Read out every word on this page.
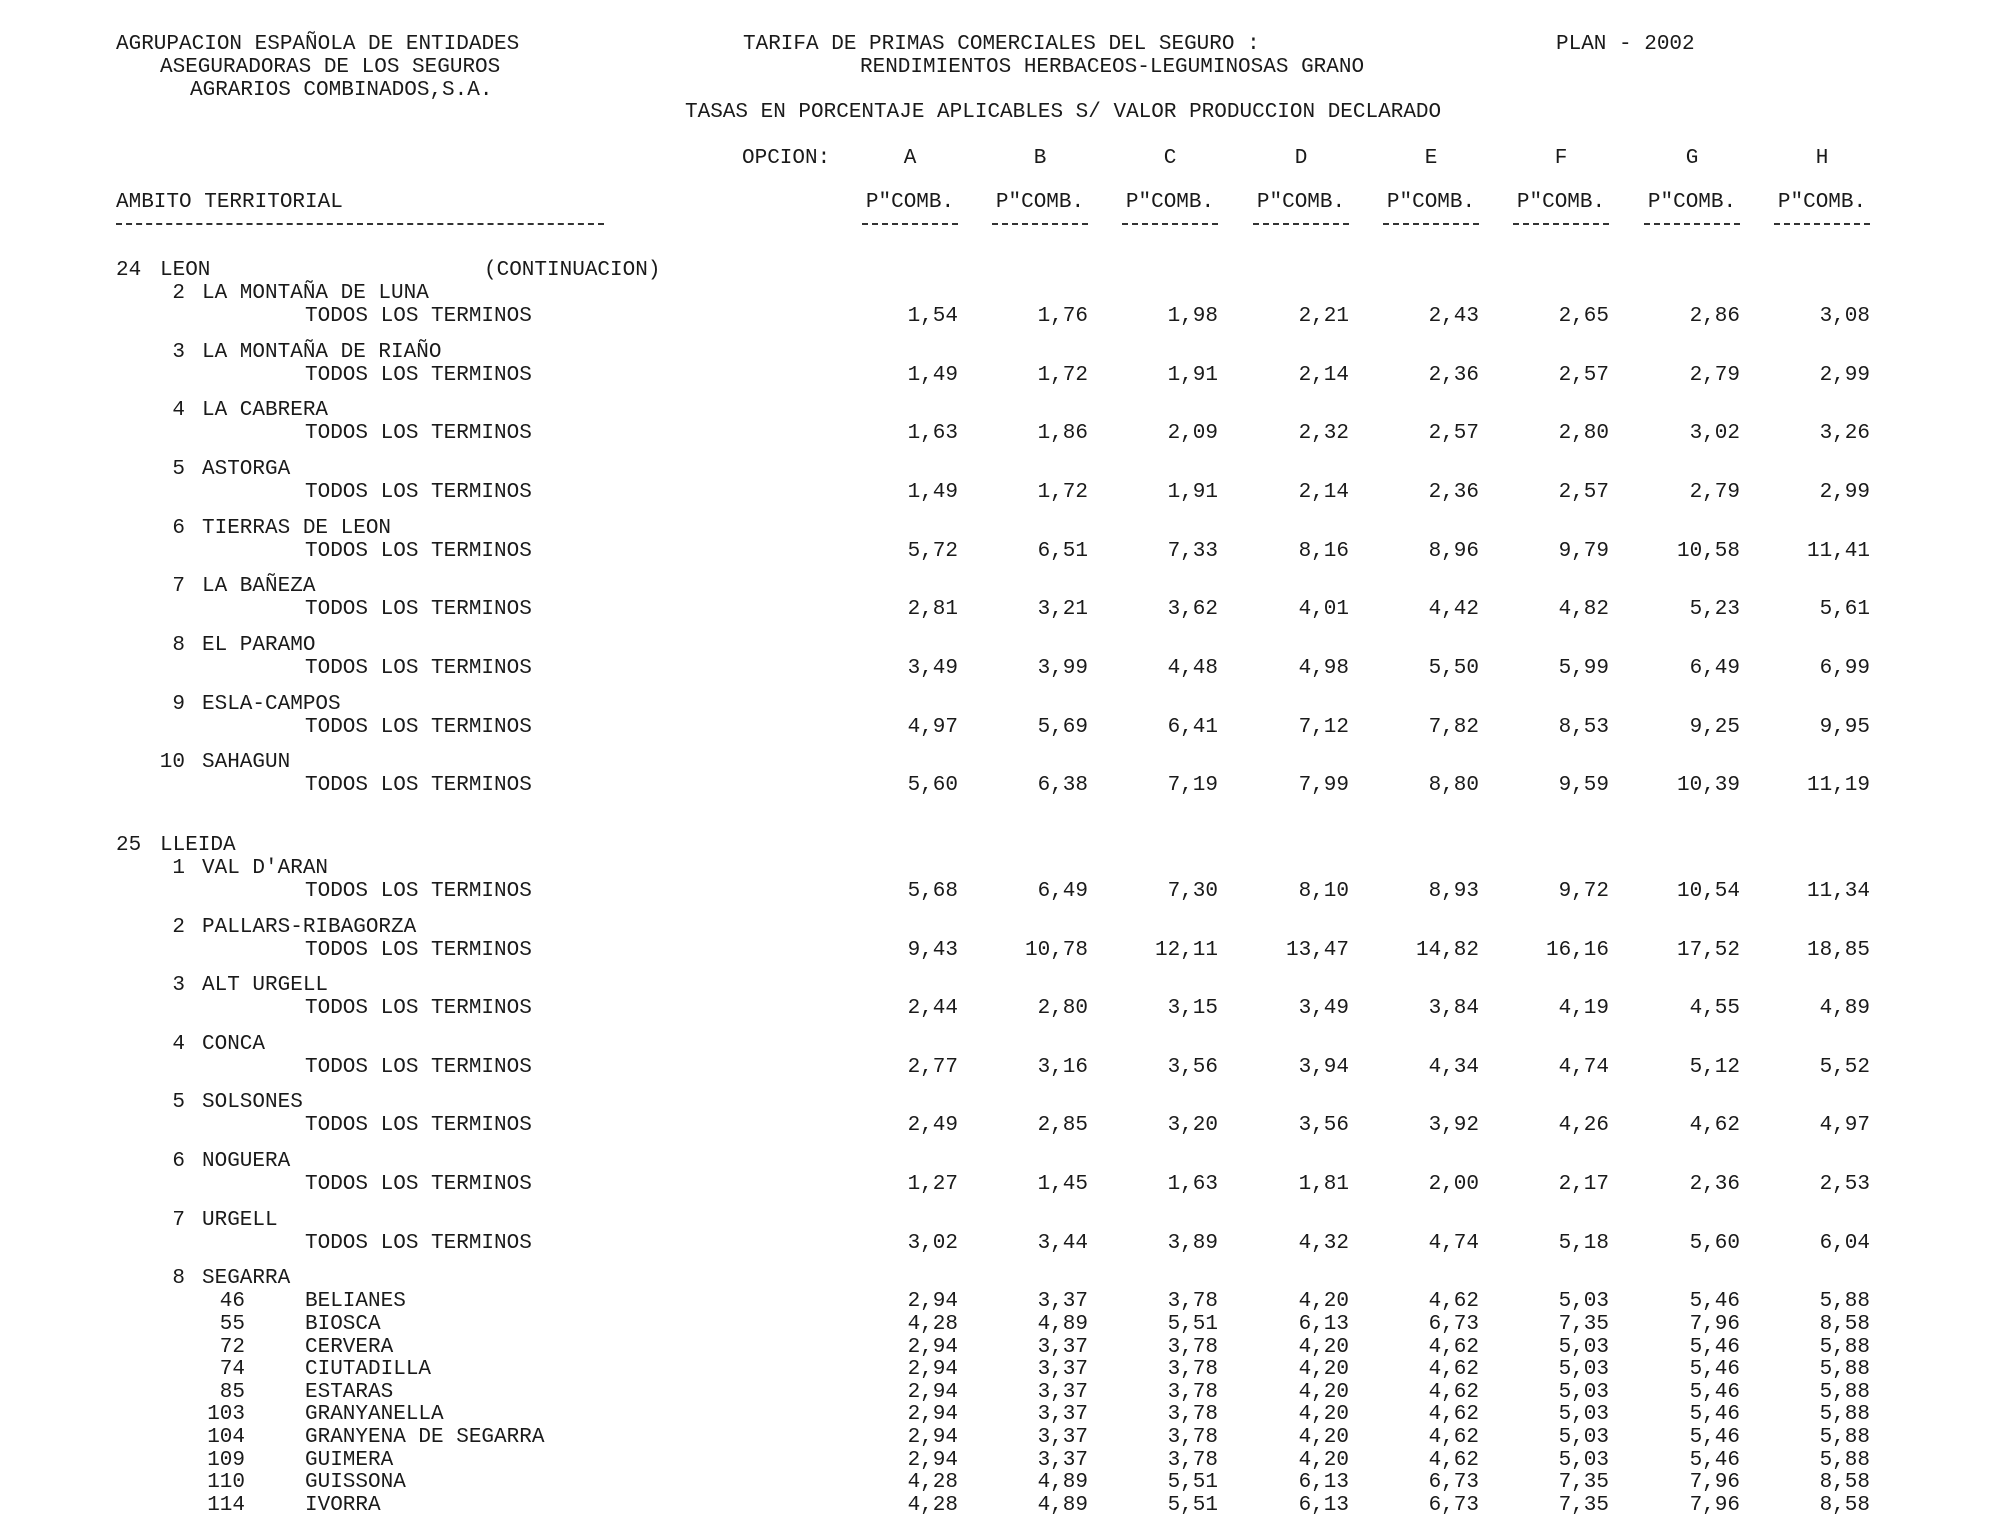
AGRUPACION ESPAÑOLA DE ENTIDADES
ASEGURADORAS DE LOS SEGUROS
AGRARIOS COMBINADOS,S.A.
TARIFA DE PRIMAS COMERCIALES DEL SEGURO :
RENDIMIENTOS HERBACEOS-LEGUMINOSAS GRANO
PLAN - 2002
TASAS EN PORCENTAJE APLICABLES S/ VALOR PRODUCCION DECLARADO
OPCION:	A	B	C	D	E	F	G	H
AMBITO TERRITORIAL	P"COMB.	P"COMB.	P"COMB.	P"COMB.	P"COMB.	P"COMB.	P"COMB.	P"COMB.
24 LEON	(CONTINUACION)
2 LA MONTAÑA DE LUNA
TODOS LOS TERMINOS	1,54	1,76	1,98	2,21	2,43	2,65	2,86	3,08
3 LA MONTAÑA DE RIAÑO
TODOS LOS TERMINOS	1,49	1,72	1,91	2,14	2,36	2,57	2,79	2,99
4 LA CABRERA
TODOS LOS TERMINOS	1,63	1,86	2,09	2,32	2,57	2,80	3,02	3,26
5 ASTORGA
TODOS LOS TERMINOS	1,49	1,72	1,91	2,14	2,36	2,57	2,79	2,99
6 TIERRAS DE LEON
TODOS LOS TERMINOS	5,72	6,51	7,33	8,16	8,96	9,79	10,58	11,41
7 LA BAÑEZA
TODOS LOS TERMINOS	2,81	3,21	3,62	4,01	4,42	4,82	5,23	5,61
8 EL PARAMO
TODOS LOS TERMINOS	3,49	3,99	4,48	4,98	5,50	5,99	6,49	6,99
9 ESLA-CAMPOS
TODOS LOS TERMINOS	4,97	5,69	6,41	7,12	7,82	8,53	9,25	9,95
10 SAHAGUN
TODOS LOS TERMINOS	5,60	6,38	7,19	7,99	8,80	9,59	10,39	11,19
25 LLEIDA
1 VAL D'ARAN
TODOS LOS TERMINOS	5,68	6,49	7,30	8,10	8,93	9,72	10,54	11,34
2 PALLARS-RIBAGORZA
TODOS LOS TERMINOS	9,43	10,78	12,11	13,47	14,82	16,16	17,52	18,85
3 ALT URGELL
TODOS LOS TERMINOS	2,44	2,80	3,15	3,49	3,84	4,19	4,55	4,89
4 CONCA
TODOS LOS TERMINOS	2,77	3,16	3,56	3,94	4,34	4,74	5,12	5,52
5 SOLSONES
TODOS LOS TERMINOS	2,49	2,85	3,20	3,56	3,92	4,26	4,62	4,97
6 NOGUERA
TODOS LOS TERMINOS	1,27	1,45	1,63	1,81	2,00	2,17	2,36	2,53
7 URGELL
TODOS LOS TERMINOS	3,02	3,44	3,89	4,32	4,74	5,18	5,60	6,04
8 SEGARRA
46	BELIANES	2,94	3,37	3,78	4,20	4,62	5,03	5,46	5,88
55	BIOSCA	4,28	4,89	5,51	6,13	6,73	7,35	7,96	8,58
72	CERVERA	2,94	3,37	3,78	4,20	4,62	5,03	5,46	5,88
74	CIUTADILLA	2,94	3,37	3,78	4,20	4,62	5,03	5,46	5,88
85	ESTARAS	2,94	3,37	3,78	4,20	4,62	5,03	5,46	5,88
103	GRANYANELLA	2,94	3,37	3,78	4,20	4,62	5,03	5,46	5,88
104	GRANYENA DE SEGARRA	2,94	3,37	3,78	4,20	4,62	5,03	5,46	5,88
109	GUIMERA	2,94	3,37	3,78	4,20	4,62	5,03	5,46	5,88
110	GUISSONA	4,28	4,89	5,51	6,13	6,73	7,35	7,96	8,58
114	IVORRA	4,28	4,89	5,51	6,13	6,73	7,35	7,96	8,58
